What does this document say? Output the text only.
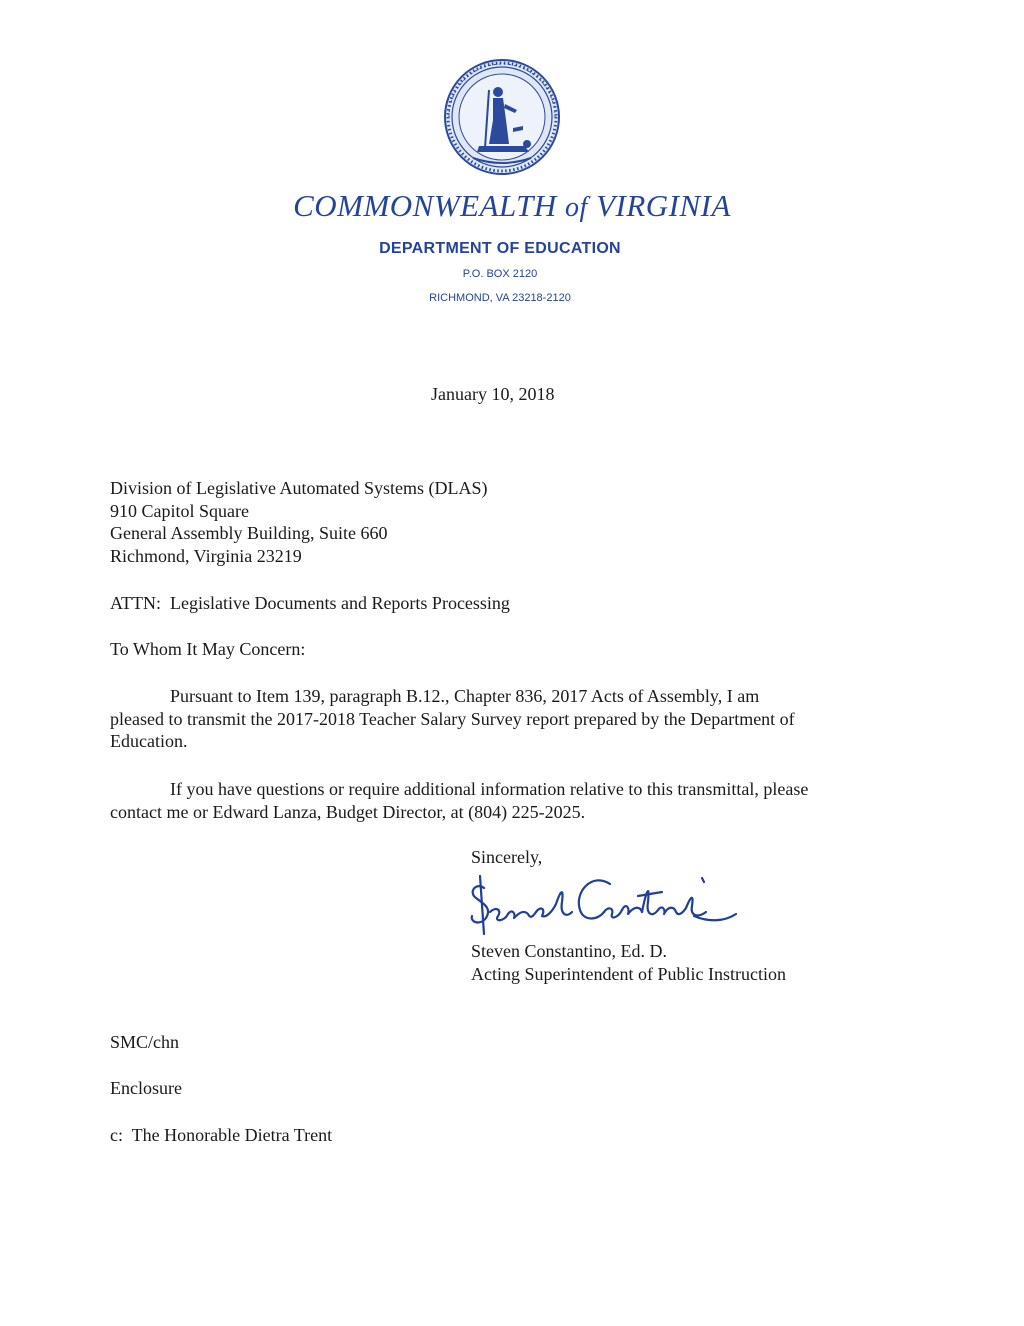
COMMONWEALTH of VIRGINIA
DEPARTMENT OF EDUCATION
P.O. BOX 2120
RICHMOND, VA 23218-2120
January 10, 2018
Division of Legislative Automated Systems (DLAS)
910 Capitol Square
General Assembly Building, Suite 660
Richmond, Virginia 23219
ATTN:  Legislative Documents and Reports Processing
To Whom It May Concern:
Pursuant to Item 139, paragraph B.12., Chapter 836, 2017 Acts of Assembly, I am
pleased to transmit the 2017-2018 Teacher Salary Survey report prepared by the Department of
Education.
If you have questions or require additional information relative to this transmittal, please
contact me or Edward Lanza, Budget Director, at (804) 225-2025.
Sincerely,
Steven Constantino, Ed. D.
Acting Superintendent of Public Instruction
SMC/chn
Enclosure
c:  The Honorable Dietra Trent
